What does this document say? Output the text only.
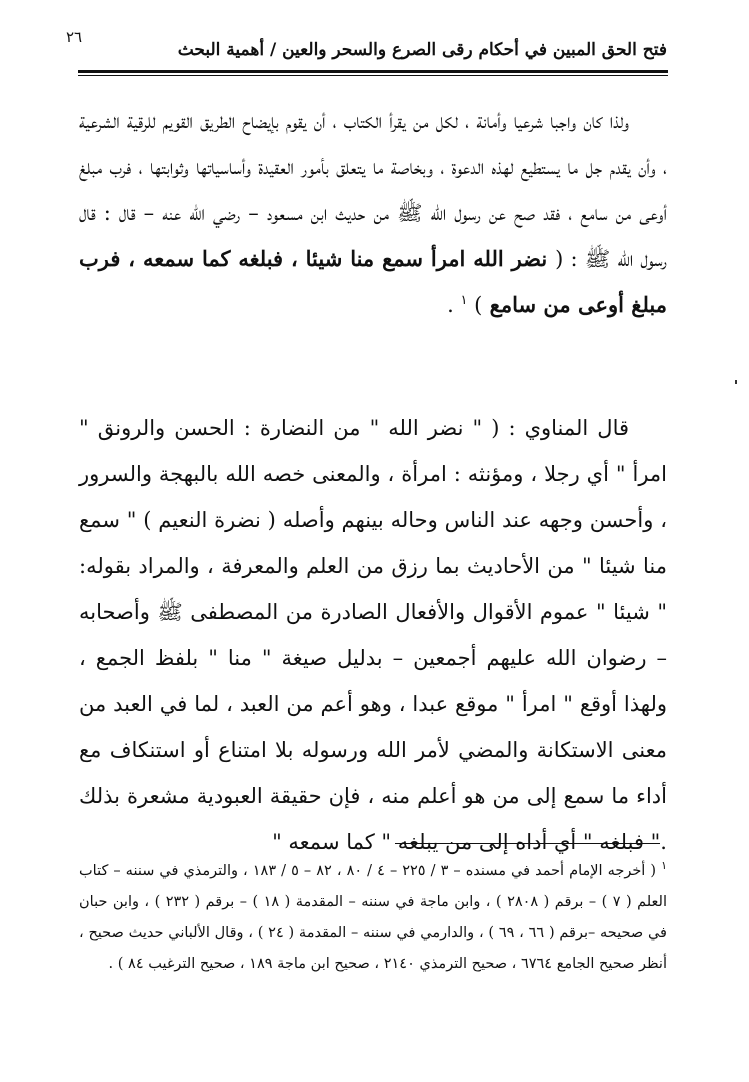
٢٦
فتح الحق المبين في أحكام رقى الصرع والسحر والعين / أهمية البحث
ولذا كان واجبا شرعيا وأمانة ، لكل من يقرأ الكتاب ، أن يقوم بإيضاح الطريق القويم للرقية الشرعية ، وأن يقدم جل ما يستطيع لهذه الدعوة ، وبخاصة ما يتعلق بأمور العقيدة وأساسياتها وثوابتها ، فرب مبلغ أوعى من سامع ، فقد صح عن رسول الله ﷺ من حديث ابن مسعود – رضي الله عنه – قال : قال رسول الله ﷺ : ( نضر الله امرأ سمع منا شيئا ، فبلغه كما سمعه ، فرب مبلغ أوعى من سامع ) $^١$ .
قال المناوي : ( " نضر الله " من النضارة : الحسن والرونق " امرأ " أي رجلا ، ومؤنثه : امرأة ، والمعنى خصه الله بالبهجة والسرور ، وأحسن وجهه عند الناس وحاله بينهم وأصله ( نضرة النعيم ) " سمع منا شيئا " من الأحاديث بما رزق من العلم والمعرفة ، والمراد بقوله: " شيئا " عموم الأقوال والأفعال الصادرة من المصطفى ﷺ وأصحابه – رضوان الله عليهم أجمعين – بدليل صيغة " منا " بلفظ الجمع ، ولهذا أوقع " امرأ " موقع عبدا ، وهو أعم من العبد ، لما في العبد من معنى الاستكانة والمضي لأمر الله ورسوله بلا امتناع أو استنكاف مع أداء ما سمع إلى من هو أعلم منه ، فإن حقيقة العبودية مشعرة بذلك ." فبلغه " أي أداه إلى من يبلغه " كما سمعه "
$^١$ ( أخرجه الإمام أحمد في مسنده – ٣ / ٢٢٥ – ٤ / ٨٠ ، ٨٢ – ٥ / ١٨٣ ، والترمذي في سننه – كتاب العلم ( ٧ ) – برقم ( ٢٨٠٨ ) ، وابن ماجة في سننه – المقدمة ( ١٨ ) – برقم ( ٢٣٢ ) ، وابن حبان في صحيحه –برقم ( ٦٦ ، ٦٩ ) ، والدارمي في سننه – المقدمة ( ٢٤ ) ، وقال الألباني حديث صحيح ، أنظر صحيح الجامع ٦٧٦٤ ، صحيح الترمذي ٢١٤٠ ، صحيح ابن ماجة ١٨٩ ، صحيح الترغيب ٨٤ ) .
